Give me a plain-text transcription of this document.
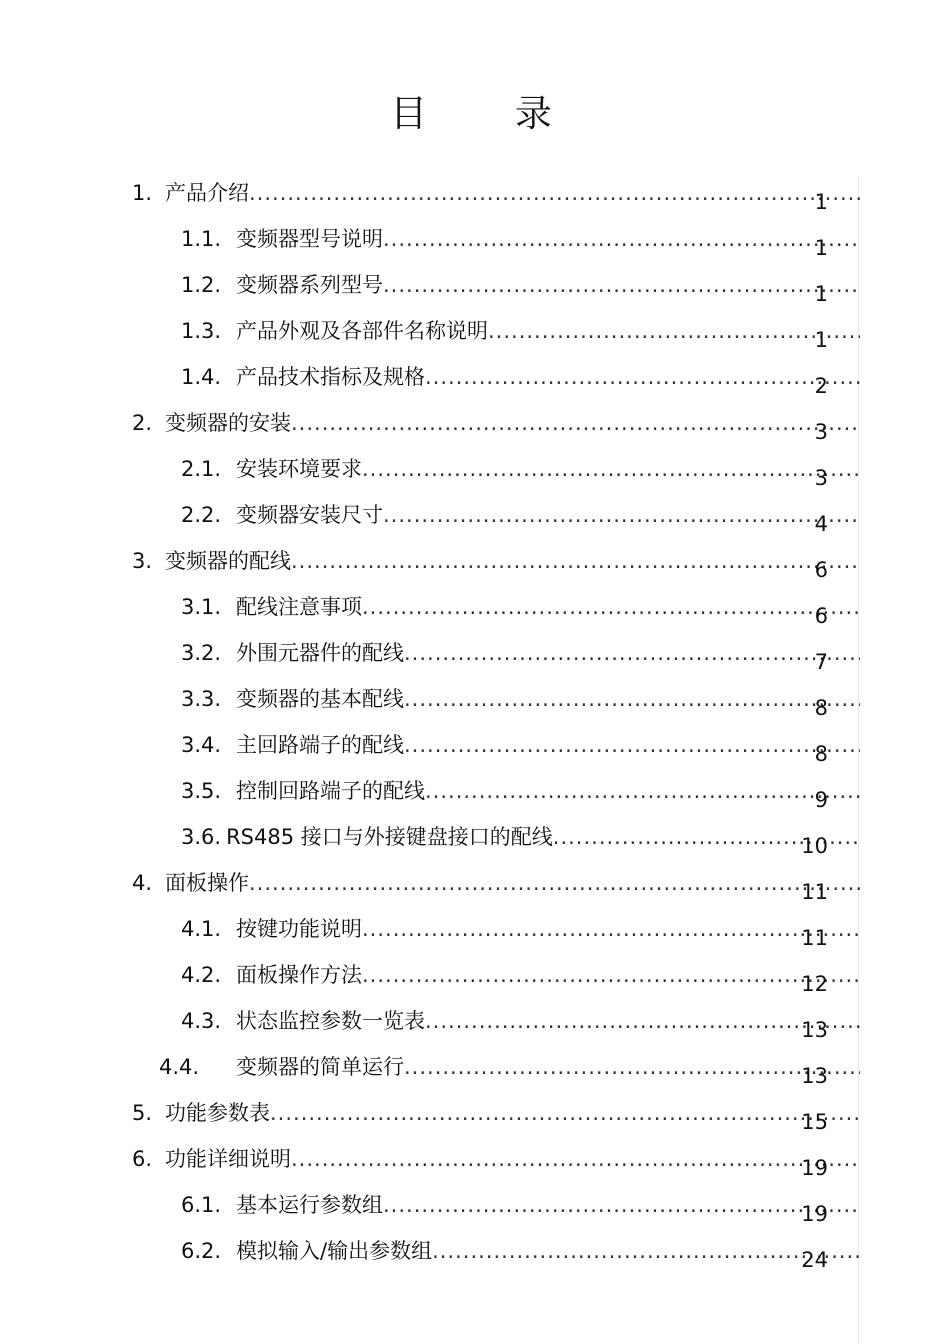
目 录
1. 产品介绍 .....	1
1.1. 变频器型号说明 .....	1
1.2. 变频器系列型号 .....	1
1.3. 产品外观及各部件名称说明 .....	1
1.4. 产品技术指标及规格 .....	2
2. 变频器的安装 .....	3
2.1. 安装环境要求 .....	3
2.2. 变频器安装尺寸 .....	4
3. 变频器的配线 .....	6
3.1. 配线注意事项 .....	6
3.2. 外围元器件的配线 .....	7
3.3. 变频器的基本配线 .....	8
3.4. 主回路端子的配线 .....	8
3.5. 控制回路端子的配线 .....	9
3.6. RS485 接口与外接键盘接口的配线 .....	10
4. 面板操作 .....	11
4.1. 按键功能说明 .....	11
4.2. 面板操作方法 .....	12
4.3. 状态监控参数一览表 .....	13
4.4.	变频器的简单运行 .....	13
5. 功能参数表 .....	15
6. 功能详细说明 .....	19
6.1. 基本运行参数组 .....	19
6.2. 模拟输入/输出参数组 .....	24
